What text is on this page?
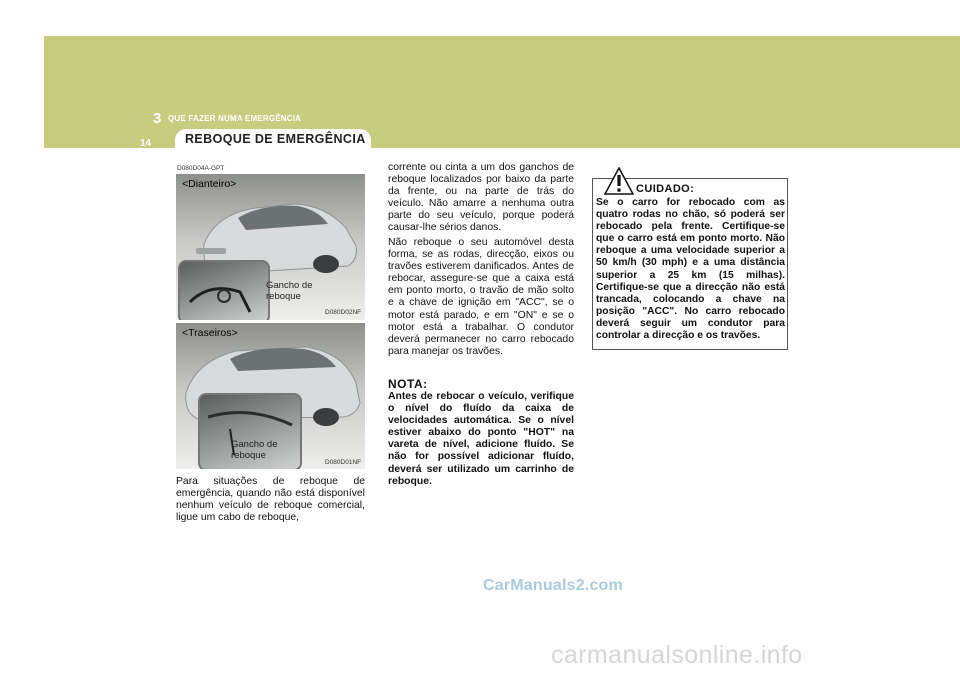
3 QUE FAZER NUMA EMERGÊNCIA
14	REBOQUE DE EMERGÊNCIA
D080D04A-GPT
<Dianteiro>
Gancho de
reboque
D080D02NF
<Traseiros>
Gancho de
reboque
D080D01NF

Para situações de reboque de emergência, quando não está disponível nenhum veículo de reboque comercial, ligue um cabo de reboque,

corrente ou cinta a um dos ganchos de reboque localizados por baixo da parte da frente, ou na parte de trás do veículo. Não amarre a nenhuma outra parte do seu veículo, porque poderá causar-lhe sérios danos.

Não reboque o seu automóvel desta forma, se as rodas, direcção, eixos ou travões estiverem danificados. Antes de rebocar, assegure-se que a caixa está em ponto morto, o travão de mão solto e a chave de ignição em "ACC", se o motor está parado, e em "ON" e se o motor está a trabalhar. O condutor deverá permanecer no carro rebocado para manejar os travões.

NOTA:

Antes de rebocar o veículo, verifique o nível do fluído da caixa de velocidades automática. Se o nível estiver abaixo do ponto "HOT" na vareta de nível, adicione fluído. Se não for possível adicionar fluído, deverá ser utilizado um carrinho de reboque.

CUIDADO:

Se o carro for rebocado com as quatro rodas no chão, só poderá ser rebocado pela frente. Certifique-se que o carro está em ponto morto. Não reboque a uma velocidade superior a 50 km/h (30 mph) e a uma distância superior a 25 km (15 milhas). Certifique-se que a direcção não está trancada, colocando a chave na posição "ACC". No carro rebocado deverá seguir um condutor para controlar a direcção e os travões.

CarManuals2.com
carmanualsonline.info
